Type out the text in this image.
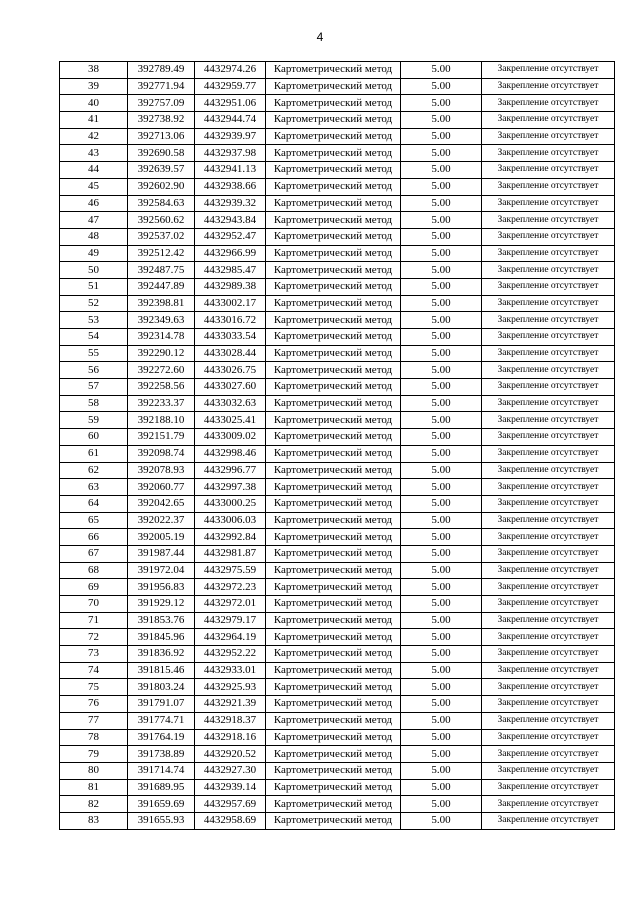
4
38	392789.49	4432974.26	Картометрический метод	5.00	Закрепление отсутствует
39	392771.94	4432959.77	Картометрический метод	5.00	Закрепление отсутствует
40	392757.09	4432951.06	Картометрический метод	5.00	Закрепление отсутствует
41	392738.92	4432944.74	Картометрический метод	5.00	Закрепление отсутствует
42	392713.06	4432939.97	Картометрический метод	5.00	Закрепление отсутствует
43	392690.58	4432937.98	Картометрический метод	5.00	Закрепление отсутствует
44	392639.57	4432941.13	Картометрический метод	5.00	Закрепление отсутствует
45	392602.90	4432938.66	Картометрический метод	5.00	Закрепление отсутствует
46	392584.63	4432939.32	Картометрический метод	5.00	Закрепление отсутствует
47	392560.62	4432943.84	Картометрический метод	5.00	Закрепление отсутствует
48	392537.02	4432952.47	Картометрический метод	5.00	Закрепление отсутствует
49	392512.42	4432966.99	Картометрический метод	5.00	Закрепление отсутствует
50	392487.75	4432985.47	Картометрический метод	5.00	Закрепление отсутствует
51	392447.89	4432989.38	Картометрический метод	5.00	Закрепление отсутствует
52	392398.81	4433002.17	Картометрический метод	5.00	Закрепление отсутствует
53	392349.63	4433016.72	Картометрический метод	5.00	Закрепление отсутствует
54	392314.78	4433033.54	Картометрический метод	5.00	Закрепление отсутствует
55	392290.12	4433028.44	Картометрический метод	5.00	Закрепление отсутствует
56	392272.60	4433026.75	Картометрический метод	5.00	Закрепление отсутствует
57	392258.56	4433027.60	Картометрический метод	5.00	Закрепление отсутствует
58	392233.37	4433032.63	Картометрический метод	5.00	Закрепление отсутствует
59	392188.10	4433025.41	Картометрический метод	5.00	Закрепление отсутствует
60	392151.79	4433009.02	Картометрический метод	5.00	Закрепление отсутствует
61	392098.74	4432998.46	Картометрический метод	5.00	Закрепление отсутствует
62	392078.93	4432996.77	Картометрический метод	5.00	Закрепление отсутствует
63	392060.77	4432997.38	Картометрический метод	5.00	Закрепление отсутствует
64	392042.65	4433000.25	Картометрический метод	5.00	Закрепление отсутствует
65	392022.37	4433006.03	Картометрический метод	5.00	Закрепление отсутствует
66	392005.19	4432992.84	Картометрический метод	5.00	Закрепление отсутствует
67	391987.44	4432981.87	Картометрический метод	5.00	Закрепление отсутствует
68	391972.04	4432975.59	Картометрический метод	5.00	Закрепление отсутствует
69	391956.83	4432972.23	Картометрический метод	5.00	Закрепление отсутствует
70	391929.12	4432972.01	Картометрический метод	5.00	Закрепление отсутствует
71	391853.76	4432979.17	Картометрический метод	5.00	Закрепление отсутствует
72	391845.96	4432964.19	Картометрический метод	5.00	Закрепление отсутствует
73	391836.92	4432952.22	Картометрический метод	5.00	Закрепление отсутствует
74	391815.46	4432933.01	Картометрический метод	5.00	Закрепление отсутствует
75	391803.24	4432925.93	Картометрический метод	5.00	Закрепление отсутствует
76	391791.07	4432921.39	Картометрический метод	5.00	Закрепление отсутствует
77	391774.71	4432918.37	Картометрический метод	5.00	Закрепление отсутствует
78	391764.19	4432918.16	Картометрический метод	5.00	Закрепление отсутствует
79	391738.89	4432920.52	Картометрический метод	5.00	Закрепление отсутствует
80	391714.74	4432927.30	Картометрический метод	5.00	Закрепление отсутствует
81	391689.95	4432939.14	Картометрический метод	5.00	Закрепление отсутствует
82	391659.69	4432957.69	Картометрический метод	5.00	Закрепление отсутствует
83	391655.93	4432958.69	Картометрический метод	5.00	Закрепление отсутствует
